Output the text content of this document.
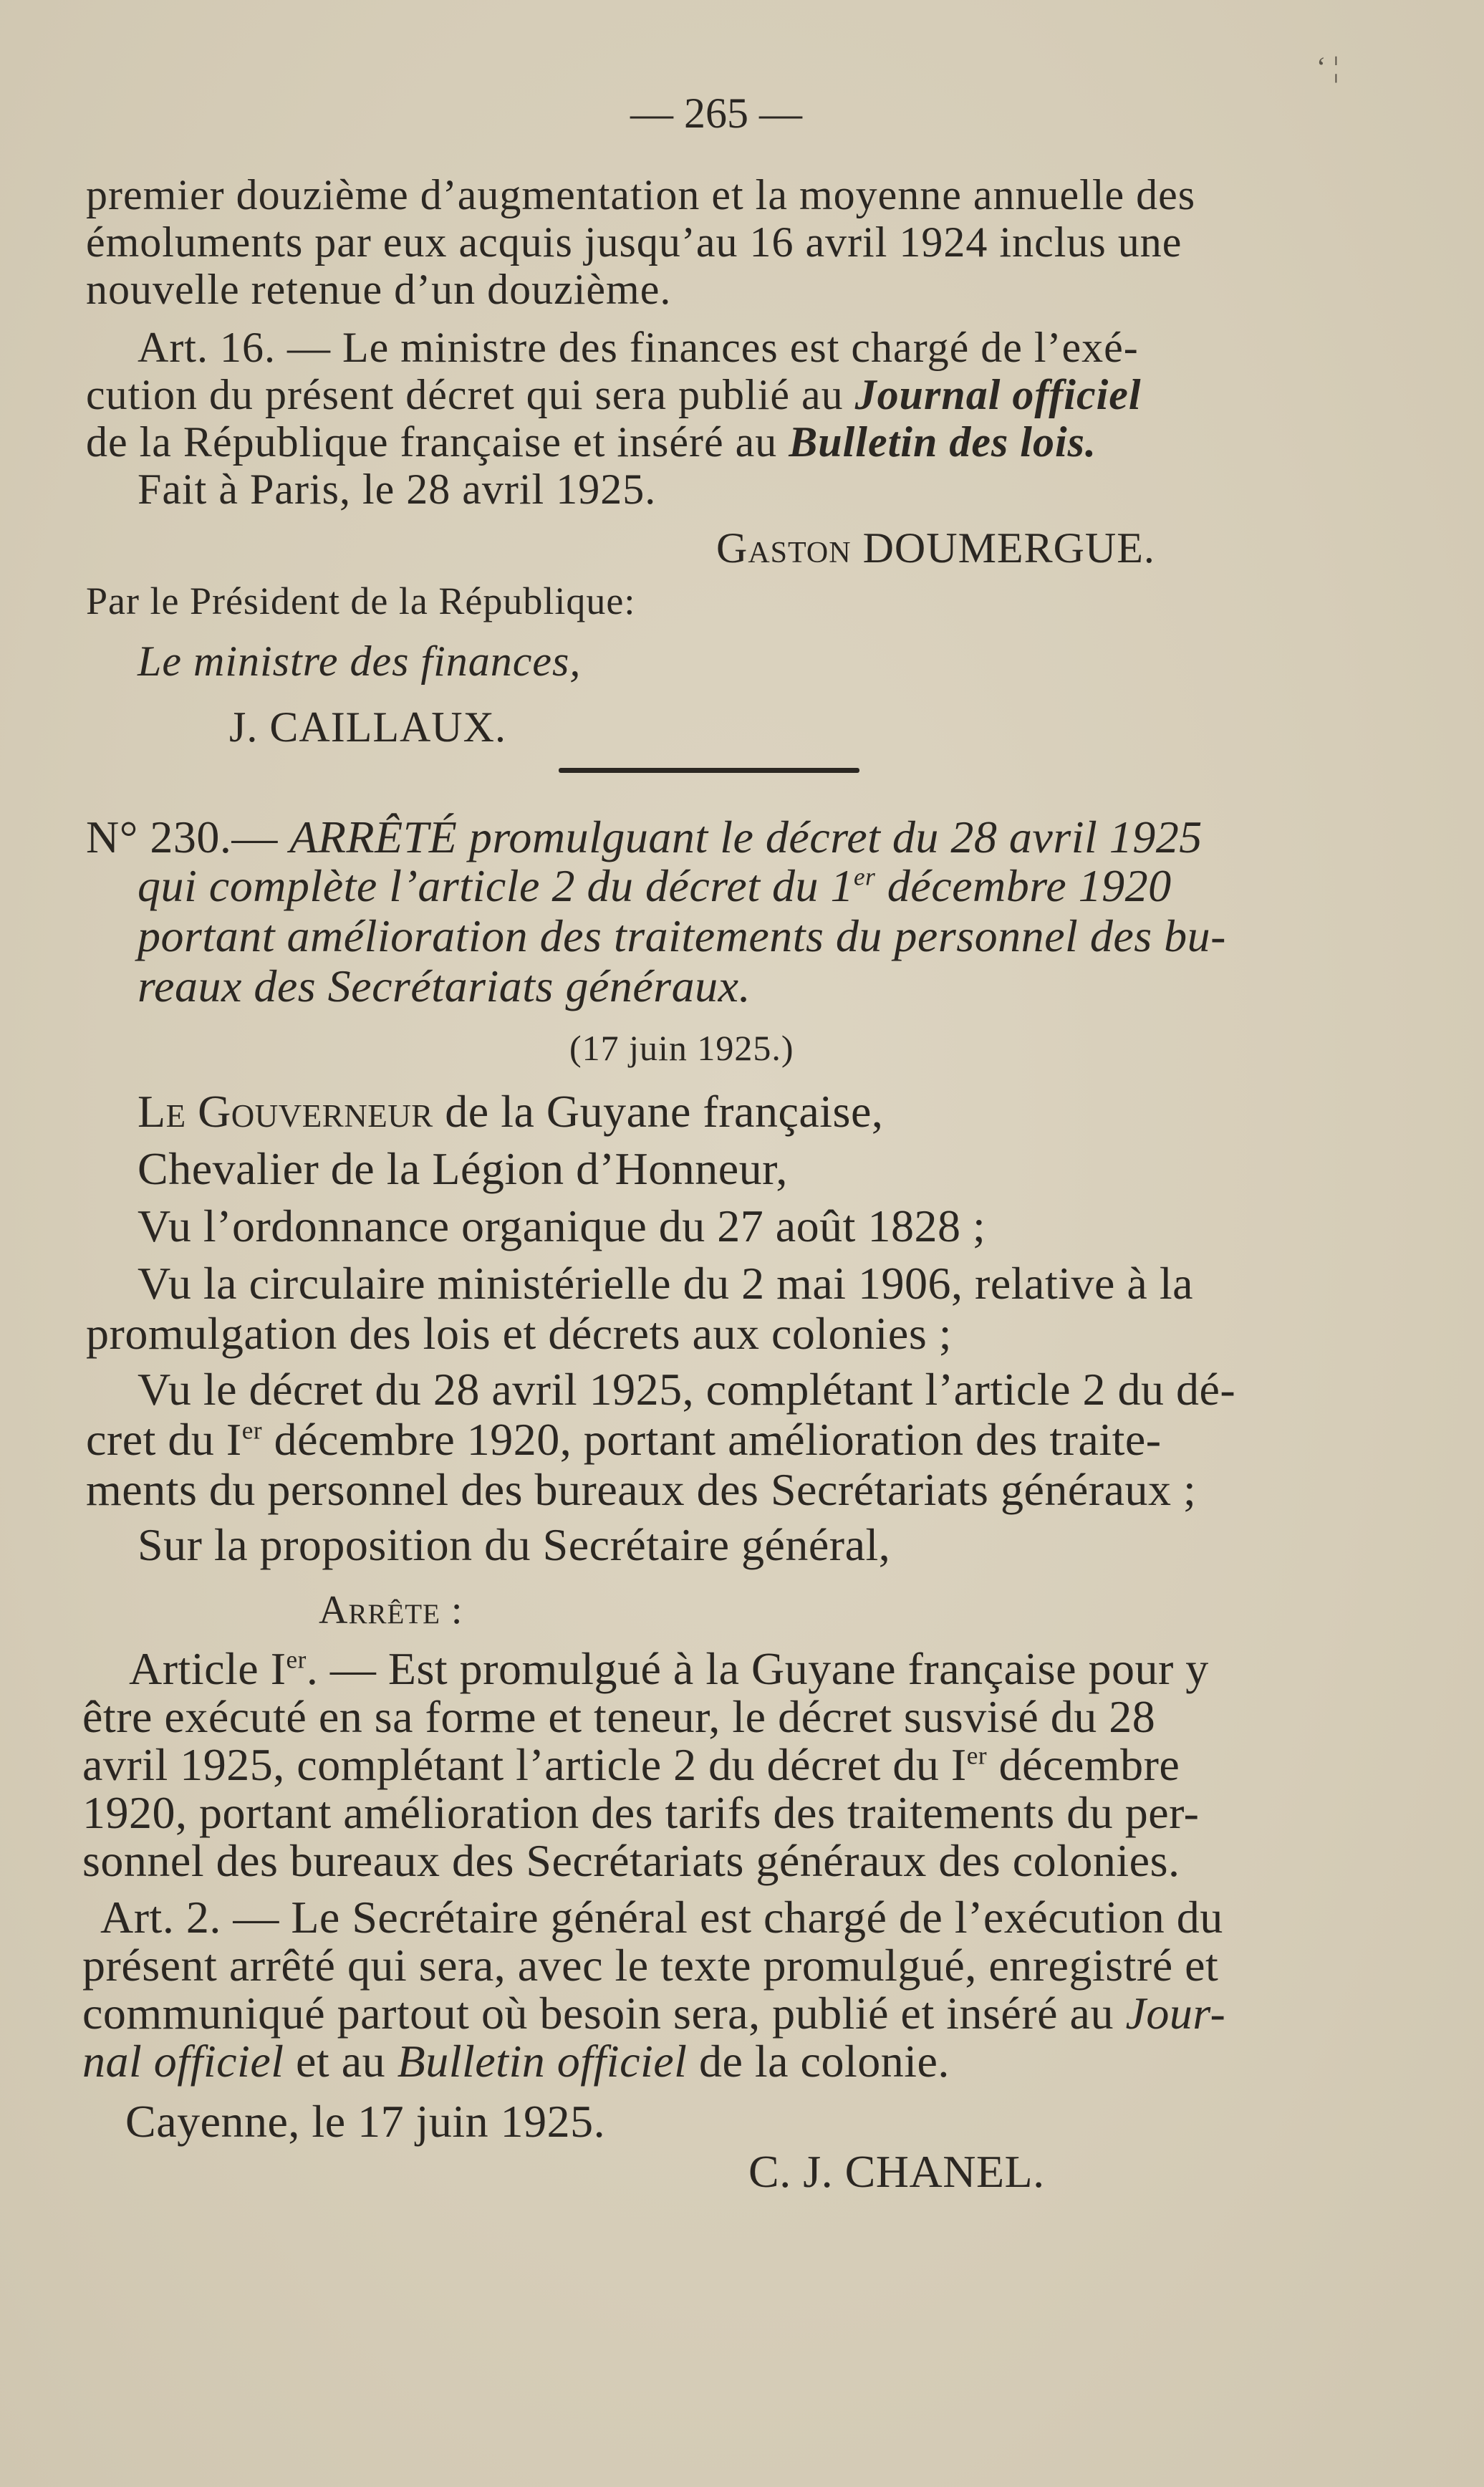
— 265 —
‘ ¦
premier douzième d’augmentation et la moyenne annuelle des
émoluments par eux acquis jusqu’au 16 avril 1924 inclus une
nouvelle retenue d’un douzième.
Art. 16. — Le ministre des finances est chargé de l’exé-
cution du présent décret qui sera publié au Journal officiel
de la République française et inséré au Bulletin des lois.
Fait à Paris, le 28 avril 1925.
Gaston DOUMERGUE.
Par le Président de la République:
Le ministre des finances,
J. CAILLAUX.
N° 230.— ARRÊTÉ promulguant le décret du 28 avril 1925
qui complète l’article 2 du décret du 1er décembre 1920
portant amélioration des traitements du personnel des bu-
reaux des Secrétariats généraux.
(17 juin 1925.)
Le Gouverneur de la Guyane française,
Chevalier de la Légion d’Honneur,
Vu l’ordonnance organique du 27 août 1828 ;
Vu la circulaire ministérielle du 2 mai 1906, relative à la
promulgation des lois et décrets aux colonies ;
Vu le décret du 28 avril 1925, complétant l’article 2 du dé-
cret du Ier décembre 1920, portant amélioration des traite-
ments du personnel des bureaux des Secrétariats généraux ;
Sur la proposition du Secrétaire général,
Arrête :
Article Ier. — Est promulgué à la Guyane française pour y
être exécuté en sa forme et teneur, le décret susvisé du 28
avril 1925, complétant l’article 2 du décret du Ier décembre
1920, portant amélioration des tarifs des traitements du per-
sonnel des bureaux des Secrétariats généraux des colonies.
Art. 2. — Le Secrétaire général est chargé de l’exécution du
présent arrêté qui sera, avec le texte promulgué, enregistré et
communiqué partout où besoin sera, publié et inséré au Jour-
nal officiel et au Bulletin officiel de la colonie.
Cayenne, le 17 juin 1925.
C. J. CHANEL.
